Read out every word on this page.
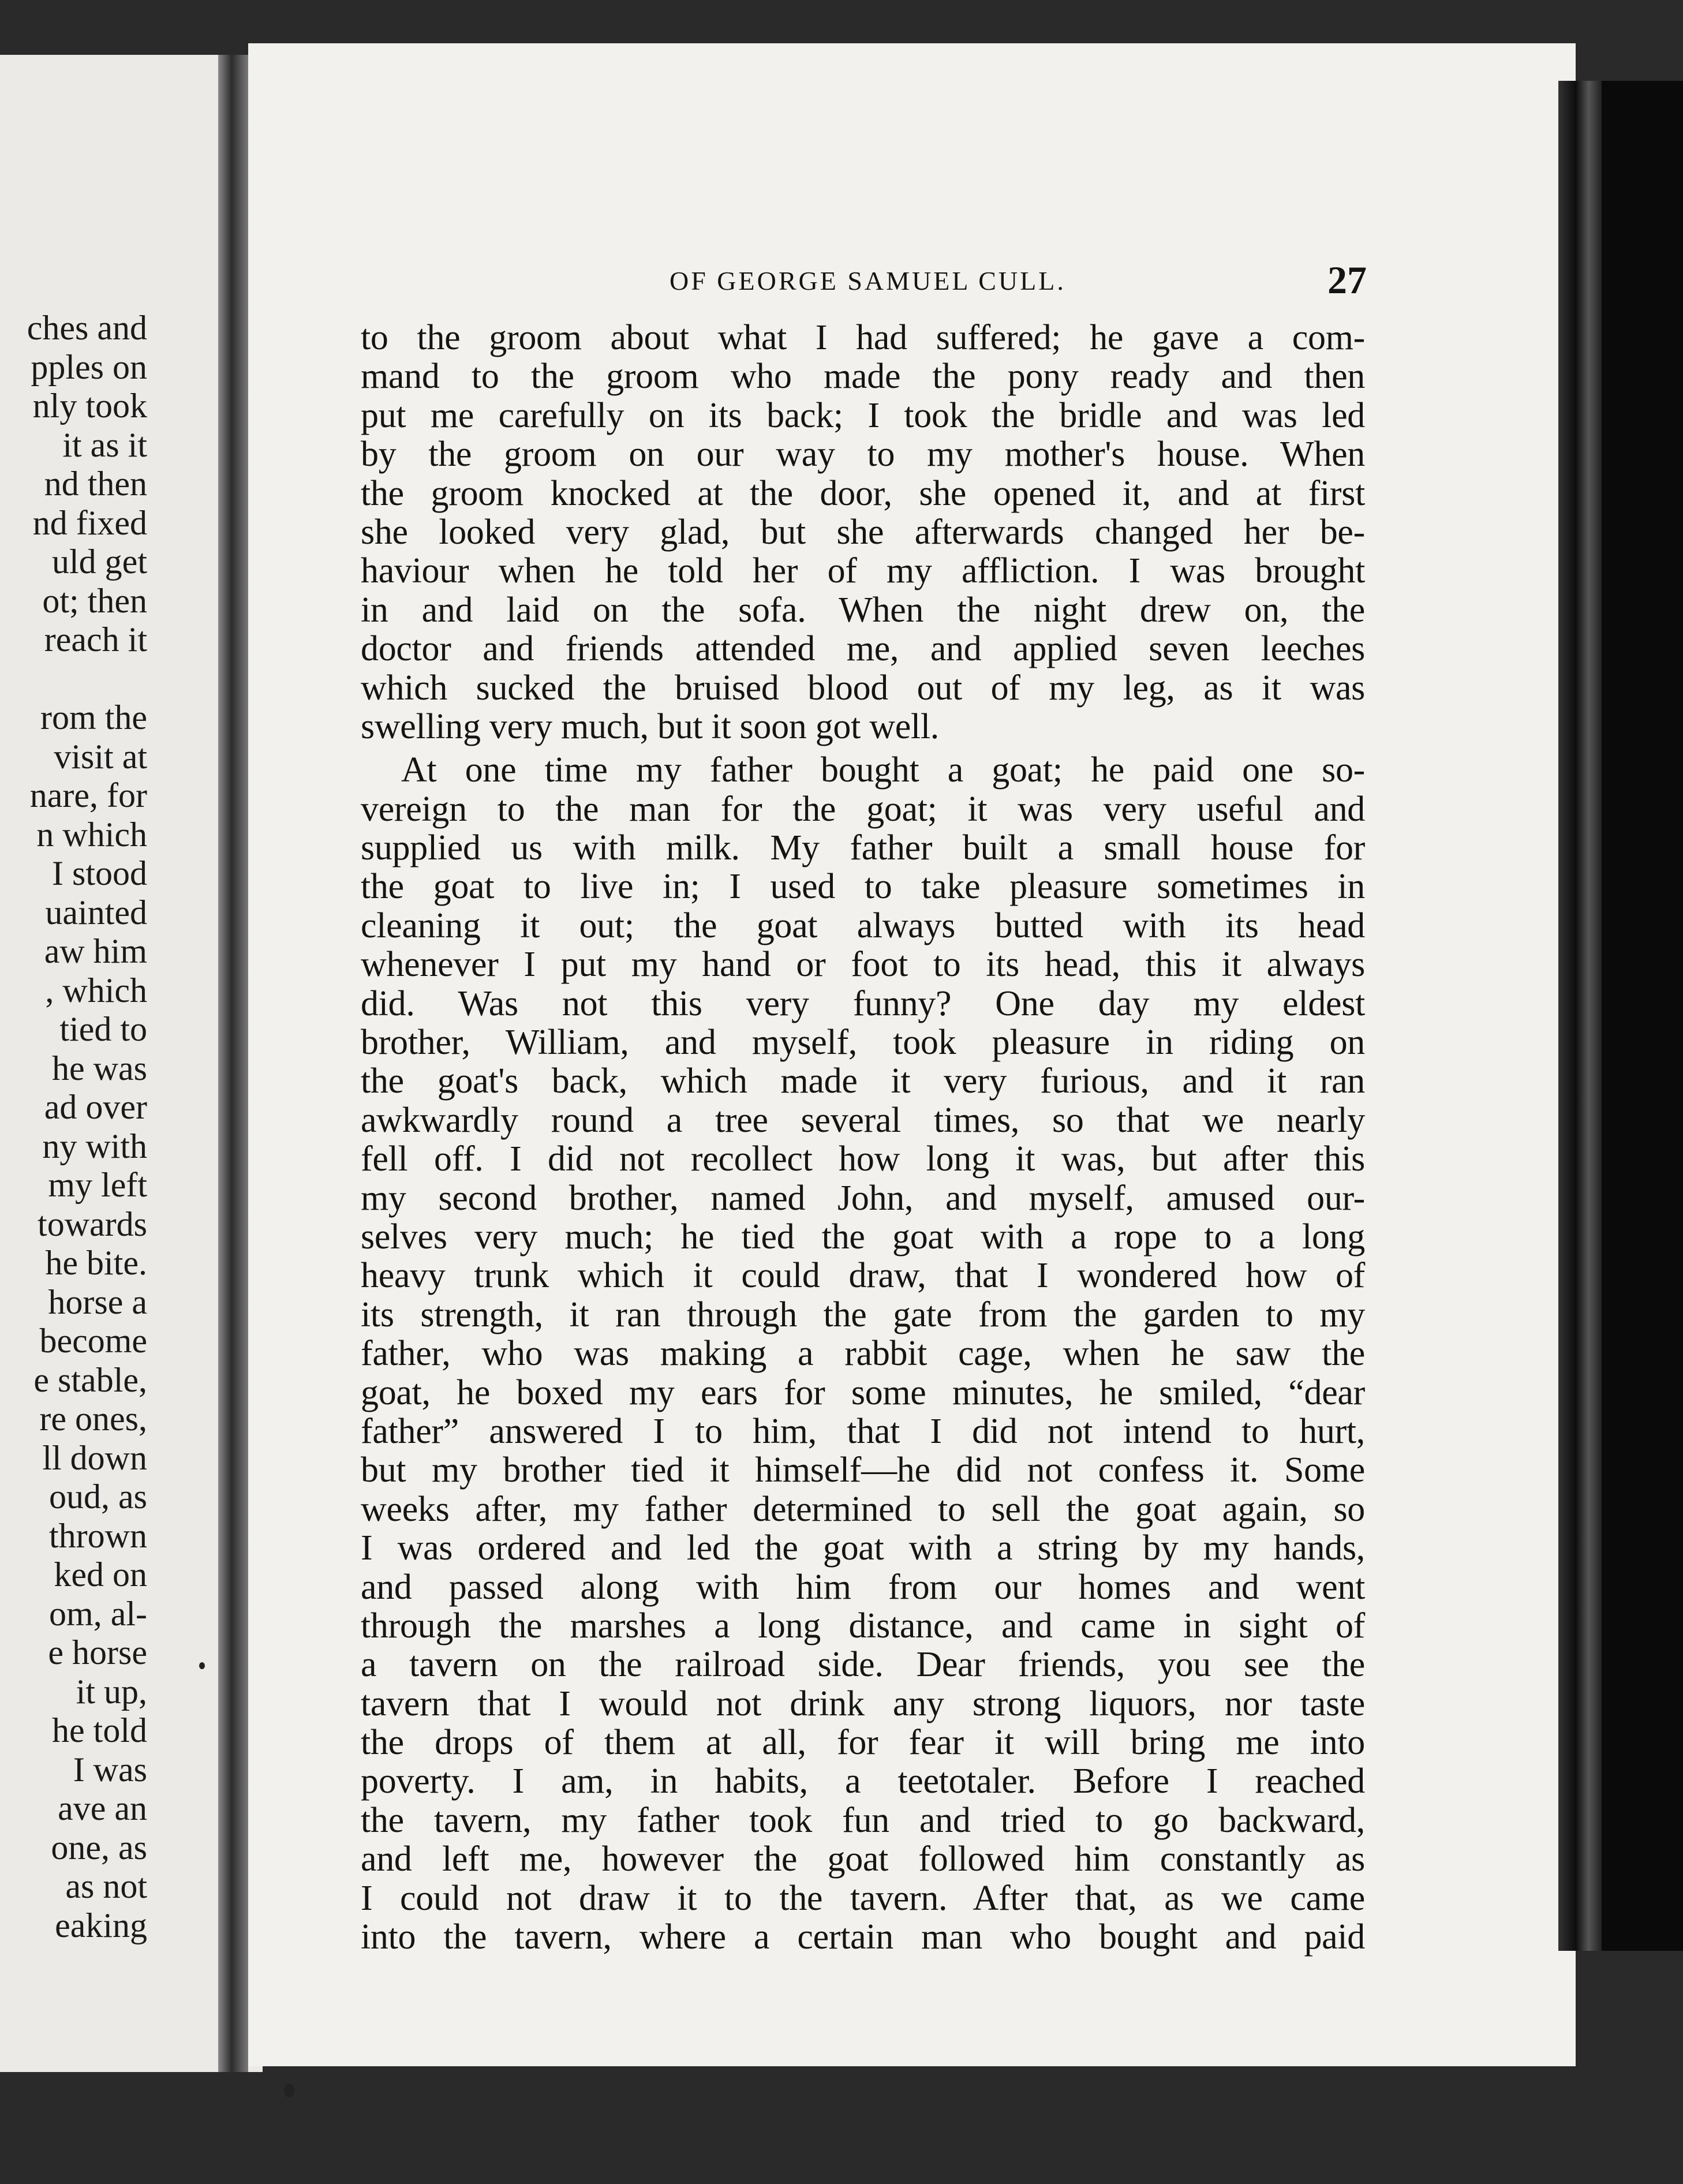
ches and
pples on
nly took
it as it
nd then
nd fixed
uld get
ot; then
reach it

rom the
visit at
nare, for
n which
I stood
uainted
aw him
, which
tied to
he was
ad over
ny with
my left
towards
he bite.
horse a
become
e stable,
re ones,
ll down
oud, as
thrown
ked on
om, al-
e horse
it up,
he told
I was
ave an
one, as
as not
eaking
OF GEORGE SAMUEL CULL.	27
to the groom about what I had suffered; he gave a com-
mand to the groom who made the pony ready and then
put me carefully on its back; I took the bridle and was led
by the groom on our way to my mother's house. When
the groom knocked at the door, she opened it, and at first
she looked very glad, but she afterwards changed her be-
haviour when he told her of my affliction. I was brought
in and laid on the sofa. When the night drew on, the
doctor and friends attended me, and applied seven leeches
which sucked the bruised blood out of my leg, as it was
swelling very much, but it soon got well.
At one time my father bought a goat; he paid one so-
vereign to the man for the goat; it was very useful and
supplied us with milk. My father built a small house for
the goat to live in; I used to take pleasure sometimes in
cleaning it out; the goat always butted with its head
whenever I put my hand or foot to its head, this it always
did. Was not this very funny? One day my eldest
brother, William, and myself, took pleasure in riding on
the goat's back, which made it very furious, and it ran
awkwardly round a tree several times, so that we nearly
fell off. I did not recollect how long it was, but after this
my second brother, named John, and myself, amused our-
selves very much; he tied the goat with a rope to a long
heavy trunk which it could draw, that I wondered how of
its strength, it ran through the gate from the garden to my
father, who was making a rabbit cage, when he saw the
goat, he boxed my ears for some minutes, he smiled, “dear
father” answered I to him, that I did not intend to hurt,
but my brother tied it himself—he did not confess it. Some
weeks after, my father determined to sell the goat again, so
I was ordered and led the goat with a string by my hands,
and passed along with him from our homes and went
through the marshes a long distance, and came in sight of
a tavern on the railroad side. Dear friends, you see the
tavern that I would not drink any strong liquors, nor taste
the drops of them at all, for fear it will bring me into
poverty. I am, in habits, a teetotaler. Before I reached
the tavern, my father took fun and tried to go backward,
and left me, however the goat followed him constantly as
I could not draw it to the tavern. After that, as we came
into the tavern, where a certain man who bought and paid
